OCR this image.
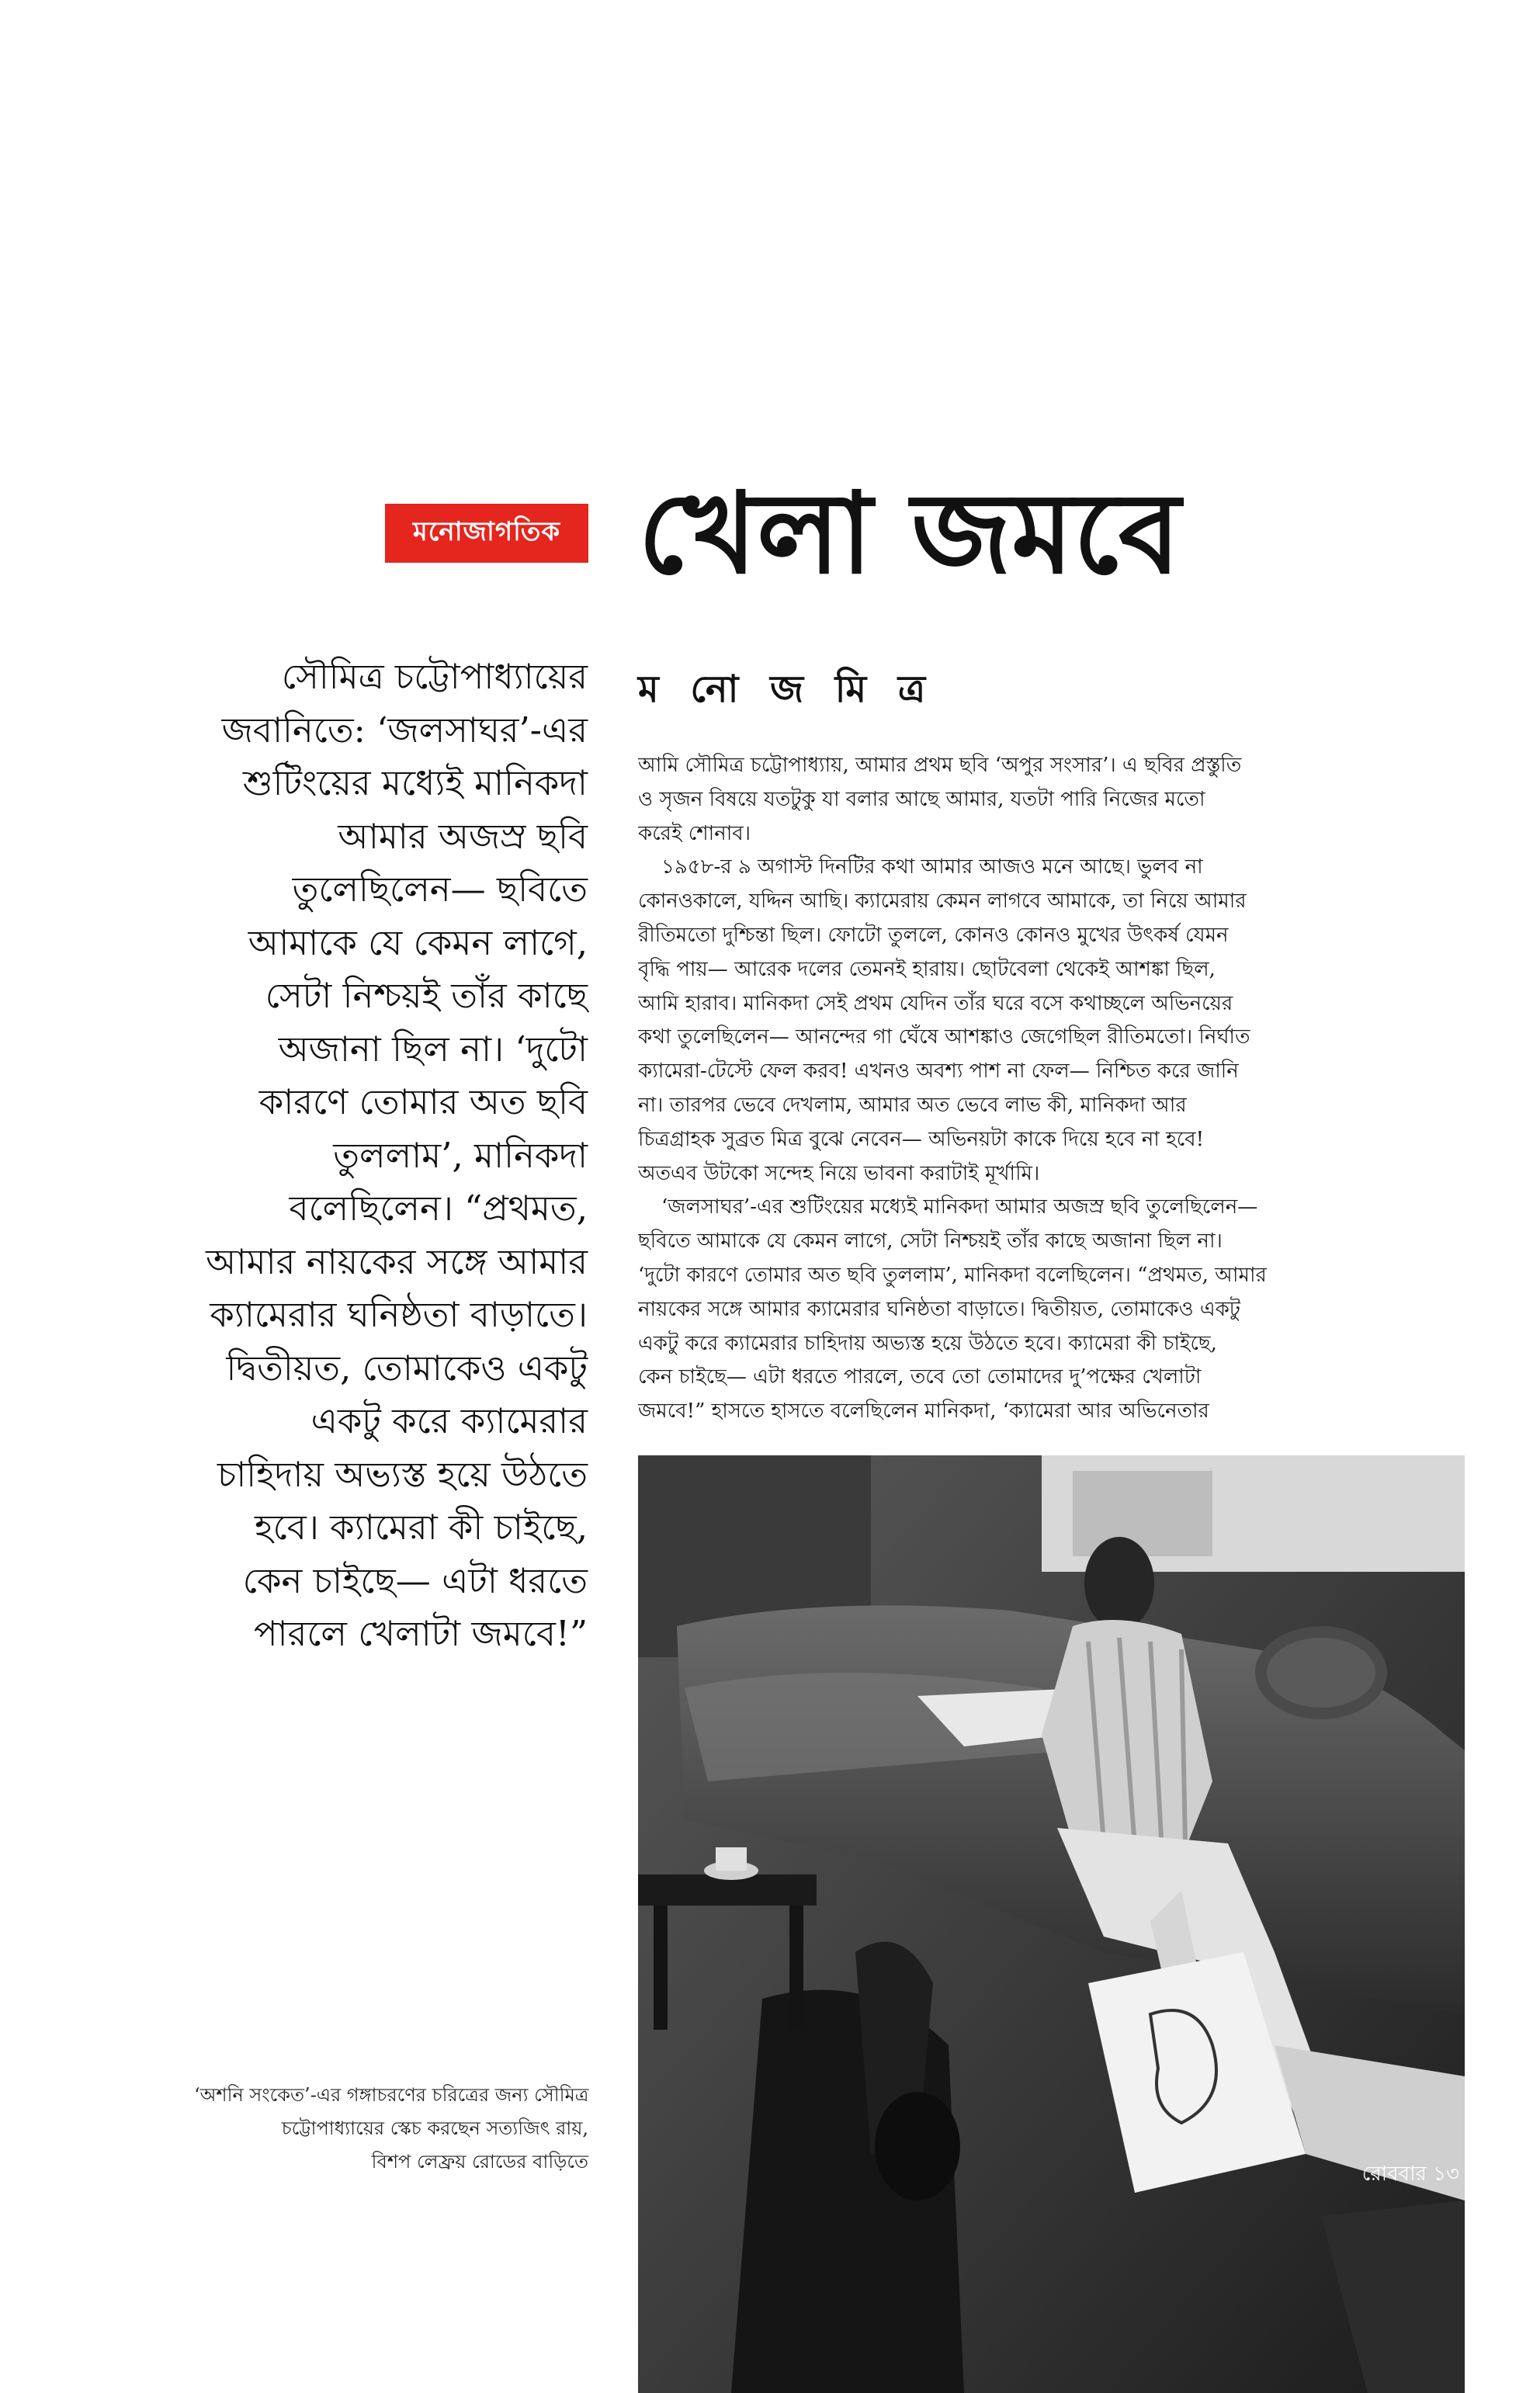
মনোজাগতিক খেলা জমবে
সৌমিত্র চট্টোপাধ্যায়ের
জবানিতে: ‘জলসাঘর’-এর
শুটিংয়ের মধ্যেই মানিকদা
আমার অজস্র ছবি
তুলেছিলেন— ছবিতে
আমাকে যে কেমন লাগে,
সেটা নিশ্চয়ই তাঁর কাছে
অজানা ছিল না। ‘দুটো
কারণে তোমার অত ছবি
তুললাম’, মানিকদা
বলেছিলেন। “প্রথমত,
আমার নায়কের সঙ্গে আমার
ক্যামেরার ঘনিষ্ঠতা বাড়াতে।
দ্বিতীয়ত, তোমাকেও একটু
একটু করে ক্যামেরার
চাহিদায় অভ্যস্ত হয়ে উঠতে
হবে। ক্যামেরা কী চাইছে,
কেন চাইছে— এটা ধরতে
পারলে খেলাটা জমবে!”
ম নো জ মি ত্র
আমি সৌমিত্র চট্টোপাধ্যায়, আমার প্রথম ছবি ‘অপুর সংসার’। এ ছবির প্রস্তুতি
ও সৃজন বিষয়ে যতটুকু যা বলার আছে আমার, যতটা পারি নিজের মতো
করেই শোনাব।
১৯৫৮-র ৯ অগাস্ট দিনটির কথা আমার আজও মনে আছে। ভুলব না
কোনওকালে, যদ্দিন আছি। ক্যামেরায় কেমন লাগবে আমাকে, তা নিয়ে আমার
রীতিমতো দুশ্চিন্তা ছিল। ফোটো তুললে, কোনও কোনও মুখের উৎকর্ষ যেমন
বৃদ্ধি পায়— আরেক দলের তেমনই হারায়। ছোটবেলা থেকেই আশঙ্কা ছিল,
আমি হারাব। মানিকদা সেই প্রথম যেদিন তাঁর ঘরে বসে কথাচ্ছলে অভিনয়ের
কথা তুলেছিলেন— আনন্দের গা ঘেঁষে আশঙ্কাও জেগেছিল রীতিমতো। নির্ঘাত
ক্যামেরা-টেস্টে ফেল করব! এখনও অবশ্য পাশ না ফেল— নিশ্চিত করে জানি
না। তারপর ভেবে দেখলাম, আমার অত ভেবে লাভ কী, মানিকদা আর
চিত্রগ্রাহক সুব্রত মিত্র বুঝে নেবেন— অভিনয়টা কাকে দিয়ে হবে না হবে!
অতএব উটকো সন্দেহ নিয়ে ভাবনা করাটাই মূর্খামি।
‘জলসাঘর’-এর শুটিংয়ের মধ্যেই মানিকদা আমার অজস্র ছবি তুলেছিলেন—
ছবিতে আমাকে যে কেমন লাগে, সেটা নিশ্চয়ই তাঁর কাছে অজানা ছিল না।
‘দুটো কারণে তোমার অত ছবি তুললাম’, মানিকদা বলেছিলেন। “প্রথমত, আমার
নায়কের সঙ্গে আমার ক্যামেরার ঘনিষ্ঠতা বাড়াতে। দ্বিতীয়ত, তোমাকেও একটু
একটু করে ক্যামেরার চাহিদায় অভ্যস্ত হয়ে উঠতে হবে। ক্যামেরা কী চাইছে,
কেন চাইছে— এটা ধরতে পারলে, তবে তো তোমাদের দু’পক্ষের খেলাটা
জমবে!” হাসতে হাসতে বলেছিলেন মানিকদা, ‘ক্যামেরা আর অভিনেতার
‘অশনি সংকেত’-এর গঙ্গাচরণের চরিত্রের জন্য সৌমিত্র
চট্টোপাধ্যায়ের স্কেচ করছেন সত্যজিৎ রায়,
বিশপ লেফ্রয় রোডের বাড়িতে
রোববার ১৩
